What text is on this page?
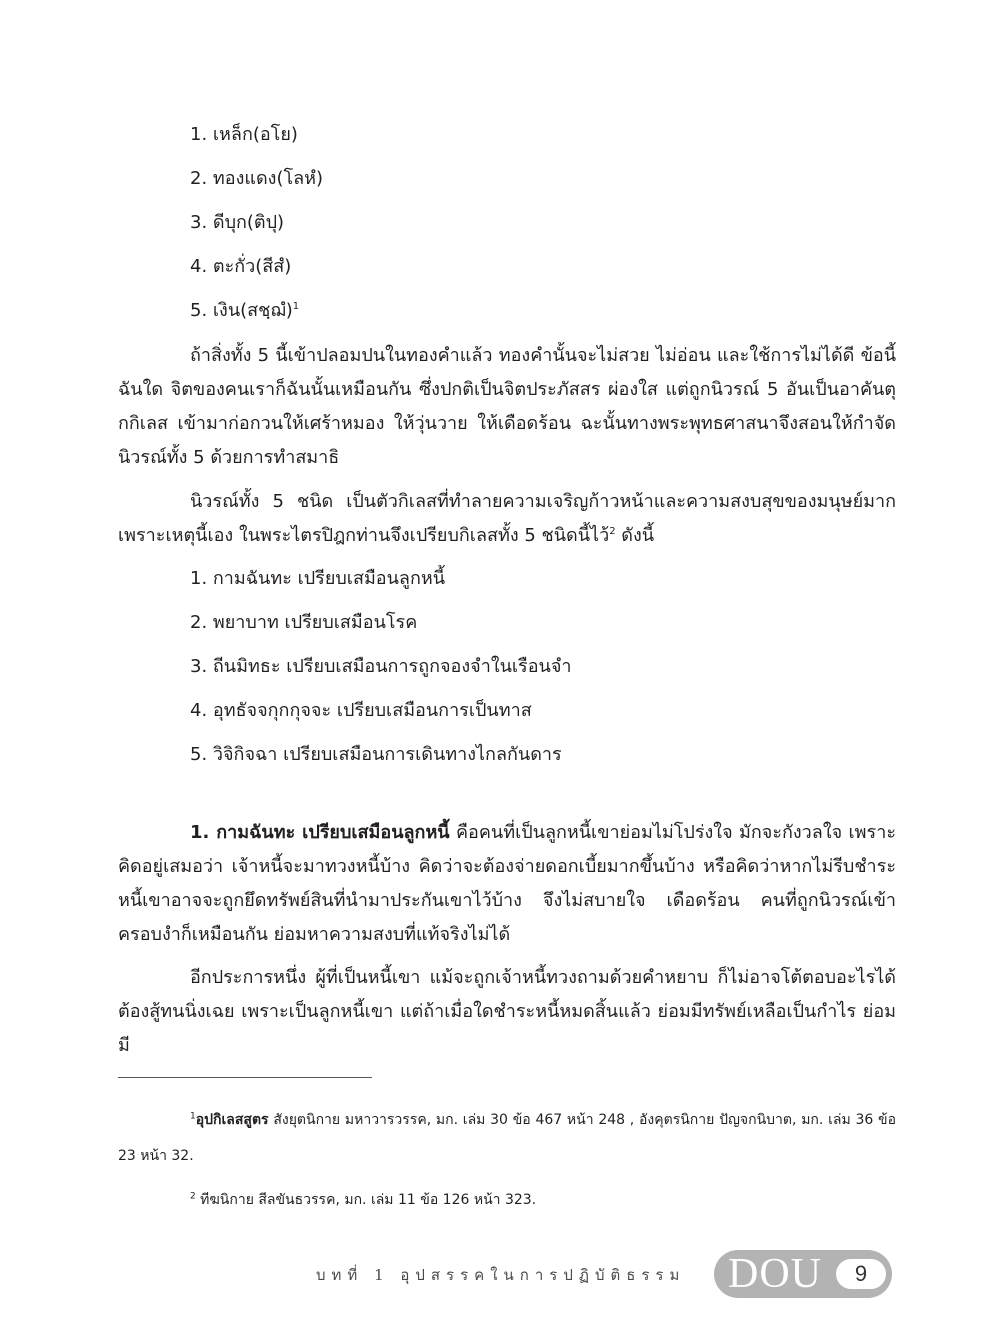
1. เหล็ก(อโย)
2. ทองแดง(โลหํ)
3. ดีบุก(ติปุ)
4. ตะกั่ว(สีสํ)
5. เงิน(สชฺฌํ)$^1$
ถ้าสิ่งทั้ง 5 นี้เข้าปลอมปนในทองคำแล้ว ทองคำนั้นจะไม่สวย ไม่อ่อน และใช้การไม่ได้ดี ข้อนี้ฉันใด จิตของคนเราก็ฉันนั้นเหมือนกัน ซึ่งปกติเป็นจิตประภัสสร ผ่องใส แต่ถูกนิวรณ์ 5 อันเป็นอาคันตุกกิเลส เข้ามาก่อกวนให้เศร้าหมอง ให้วุ่นวาย ให้เดือดร้อน ฉะนั้นทางพระพุทธศาสนาจึงสอนให้กำจัดนิวรณ์ทั้ง 5 ด้วยการทำสมาธิ
นิวรณ์ทั้ง 5 ชนิด เป็นตัวกิเลสที่ทำลายความเจริญก้าวหน้าและความสงบสุขของมนุษย์มาก เพราะเหตุนี้เอง ในพระไตรปิฎกท่านจึงเปรียบกิเลสทั้ง 5 ชนิดนี้ไว้$^2$ ดังนี้
1. กามฉันทะ เปรียบเสมือนลูกหนี้
2. พยาบาท เปรียบเสมือนโรค
3. ถีนมิทธะ เปรียบเสมือนการถูกจองจำในเรือนจำ
4. อุทธัจจกุกกุจจะ เปรียบเสมือนการเป็นทาส
5. วิจิกิจฉา เปรียบเสมือนการเดินทางไกลกันดาร
1. กามฉันทะ เปรียบเสมือนลูกหนี้ คือคนที่เป็นลูกหนี้เขาย่อมไม่โปร่งใจ มักจะกังวลใจ เพราะคิดอยู่เสมอว่า เจ้าหนี้จะมาทวงหนี้บ้าง คิดว่าจะต้องจ่ายดอกเบี้ยมากขึ้นบ้าง หรือคิดว่าหากไม่รีบชำระหนี้เขาอาจจะถูกยึดทรัพย์สินที่นำมาประกันเขาไว้บ้าง จึงไม่สบายใจ เดือดร้อน คนที่ถูกนิวรณ์เข้าครอบงำก็เหมือนกัน ย่อมหาความสงบที่แท้จริงไม่ได้
อีกประการหนึ่ง ผู้ที่เป็นหนี้เขา แม้จะถูกเจ้าหนี้ทวงถามด้วยคำหยาบ ก็ไม่อาจโต้ตอบอะไรได้ ต้องสู้ทนนิ่งเฉย เพราะเป็นลูกหนี้เขา แต่ถ้าเมื่อใดชำระหนี้หมดสิ้นแล้ว ย่อมมีทรัพย์เหลือเป็นกำไร ย่อมมี
$^1$อุปกิเลสสูตร สังยุตนิกาย มหาวารวรรค, มก. เล่ม 30 ข้อ 467 หน้า 248 , อังคุตรนิกาย ปัญจกนิบาต, มก. เล่ม 36 ข้อ 23 หน้า 32.
$^2$ ทีฆนิกาย สีลขันธวรรค, มก. เล่ม 11 ข้อ 126 หน้า 323.
บทที่ 1 อุปสรรคในการปฏิบัติธรรม DOU	9
